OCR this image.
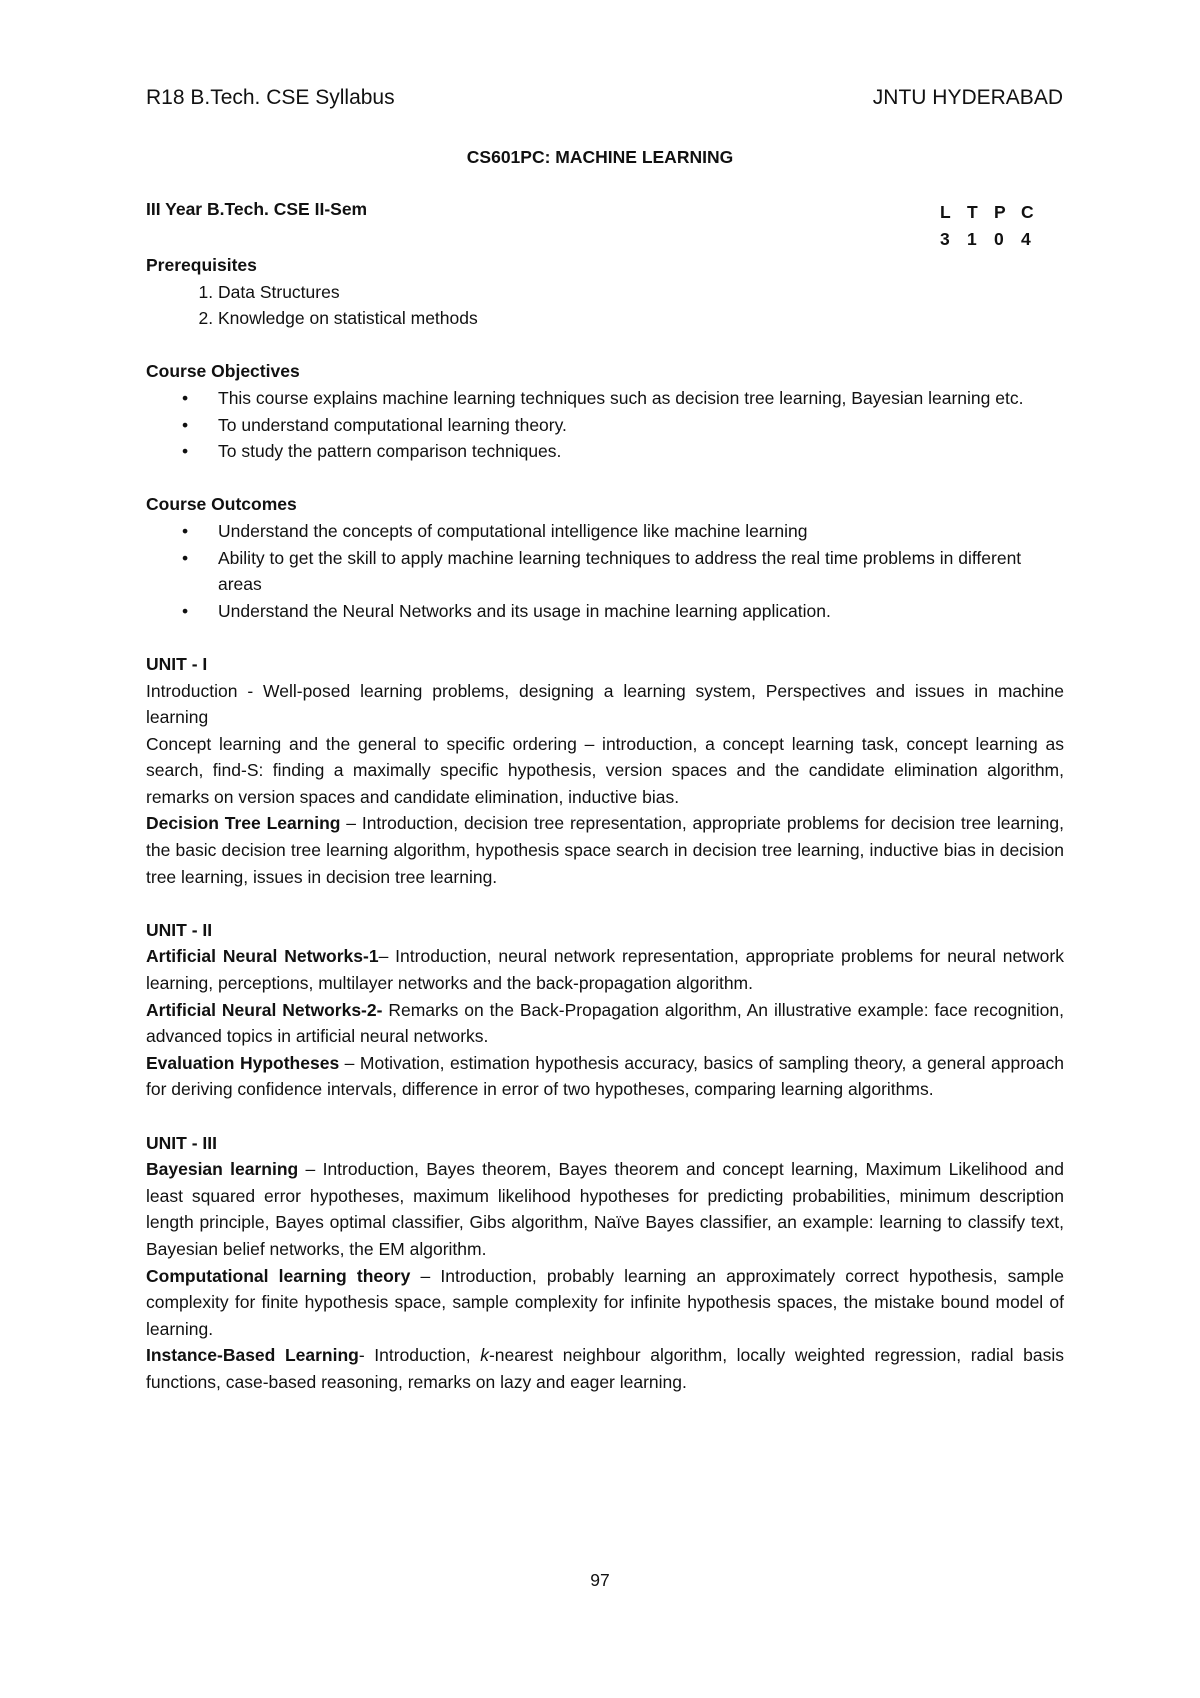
R18 B.Tech. CSE Syllabus	JNTU HYDERABAD
CS601PC: MACHINE LEARNING
III Year B.Tech. CSE II-Sem	L T P C
3 1 0 4
Prerequisites
1. Data Structures
2. Knowledge on statistical methods
Course Objectives
• This course explains machine learning techniques such as decision tree learning, Bayesian learning etc.
• To understand computational learning theory.
• To study the pattern comparison techniques.
Course Outcomes
• Understand the concepts of computational intelligence like machine learning
• Ability to get the skill to apply machine learning techniques to address the real time problems in different areas
• Understand the Neural Networks and its usage in machine learning application.
UNIT - I

Introduction - Well-posed learning problems, designing a learning system, Perspectives and issues in machine learning

Concept learning and the general to specific ordering – introduction, a concept learning task, concept learning as search, find-S: finding a maximally specific hypothesis, version spaces and the candidate elimination algorithm, remarks on version spaces and candidate elimination, inductive bias.

Decision Tree Learning – Introduction, decision tree representation, appropriate problems for decision tree learning, the basic decision tree learning algorithm, hypothesis space search in decision tree learning, inductive bias in decision tree learning, issues in decision tree learning.

UNIT - II

Artificial Neural Networks-1– Introduction, neural network representation, appropriate problems for neural network learning, perceptions, multilayer networks and the back-propagation algorithm.

Artificial Neural Networks-2- Remarks on the Back-Propagation algorithm, An illustrative example: face recognition, advanced topics in artificial neural networks.

Evaluation Hypotheses – Motivation, estimation hypothesis accuracy, basics of sampling theory, a general approach for deriving confidence intervals, difference in error of two hypotheses, comparing learning algorithms.

UNIT - III

Bayesian learning – Introduction, Bayes theorem, Bayes theorem and concept learning, Maximum Likelihood and least squared error hypotheses, maximum likelihood hypotheses for predicting probabilities, minimum description length principle, Bayes optimal classifier, Gibs algorithm, Naïve Bayes classifier, an example: learning to classify text, Bayesian belief networks, the EM algorithm.

Computational learning theory – Introduction, probably learning an approximately correct hypothesis, sample complexity for finite hypothesis space, sample complexity for infinite hypothesis spaces, the mistake bound model of learning.

Instance-Based Learning- Introduction, k-nearest neighbour algorithm, locally weighted regression, radial basis functions, case-based reasoning, remarks on lazy and eager learning.

97
